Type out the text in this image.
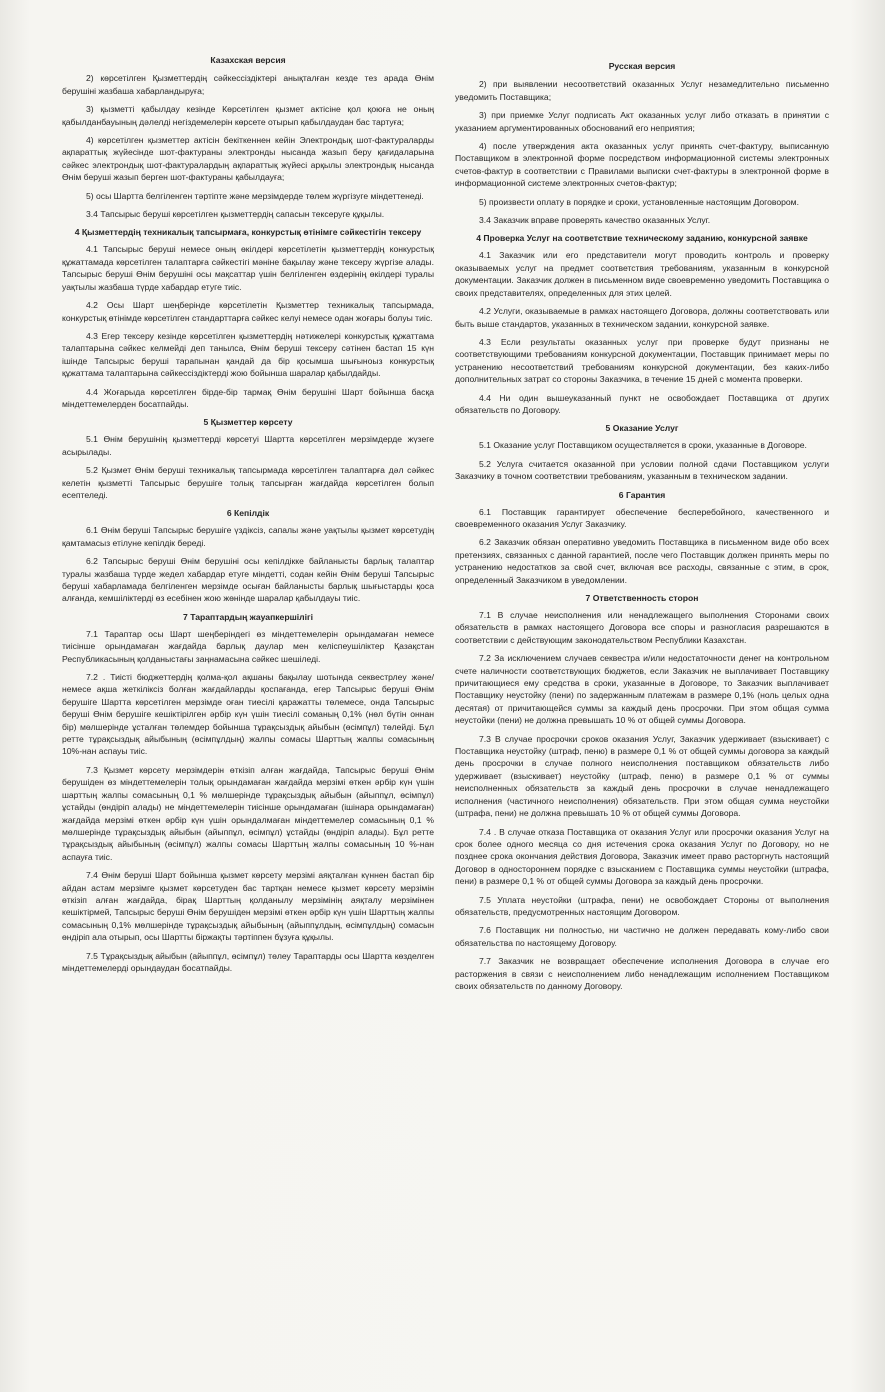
Казахская версия

2) көрсетілген Қызметтердің сәйкессіздіктері анықталған кезде тез арада Өнім берушіні жазбаша хабарландыруға;

3) қызметті қабылдау кезінде Көрсетілген қызмет актісіне қол қоюға не оның қабылданбауының дәлелді негіздемелерін көрсете отырып қабылдаудан бас тартуға;

4) көрсетілген қызметтер актісін бекіткеннен кейін Электрондық шот-фактураларды ақпараттық жүйесінде шот-фактураны электронды нысанда жазып беру қағидаларына сәйкес электрондық шот-фактуралардың ақпараттық жүйесі арқылы электрондық нысанда Өнім беруші жазып берген шот-фактураны қабылдауға;

5) осы Шартта белгіленген тәртіпте және мерзімдерде төлем жүргізуге міндеттенеді.

3.4 Тапсырыс беруші көрсетілген қызметтердің сапасын тексеруге құқылы.

4 Қызметтердің техникалық тапсырмаға, конкурстық өтінімге сәйкестігін тексеру

4.1 Тапсырыс беруші немесе оның өкілдері көрсетілетін қызметтердің конкурстық құжаттамада көрсетілген талаптарға сәйкестігі мәніне бақылау және тексеру жүргізе алады. Тапсырыс беруші Өнім берушіні осы мақсаттар үшін белгіленген өздерінің өкілдері туралы уақтылы жазбаша түрде хабардар етуге тиіс.

4.2 Осы Шарт шеңберінде көрсетілетін Қызметтер техникалық тапсырмада, конкурстық өтінімде көрсетілген стандарттарға сәйкес келуі немесе одан жоғары болуы тиіс.

4.3 Егер тексеру кезінде көрсетілген қызметтердің нәтижелері конкурстық құжаттама талаптарына сәйкес келмейді деп танылса, Өнім беруші тексеру сәтінен бастап 15 күн ішінде Тапсырыс беруші тарапынан қандай да бір қосымша шығыноыз конкурстық құжаттама талаптарына сәйкессіздіктерді жою бойынша шаралар қабылдайды.

4.4 Жоғарыда көрсетілген бірде-бір тармақ Өнім берушіні Шарт бойынша басқа міндеттемелерден босатпайды.

5 Қызметтер көрсету

5.1 Өнім берушінің қызметтерді көрсетуі Шартта көрсетілген мерзімдерде жүзеге асырылады.

5.2 Қызмет Өнім беруші техникалық тапсырмада көрсетілген талаптарға дәл сәйкес келетін қызметті Тапсырыс берушіге толық тапсырған жағдайда көрсетілген болып есептеледі.

6 Кепілдік

6.1 Өнім беруші Тапсырыс берушіге үздіксіз, сапалы және уақтылы қызмет көрсетудің қамтамасыз етілуне кепілдік береді.

6.2 Тапсырыс беруші Өнім берушіні осы кепілдікке байланысты барлық талаптар туралы жазбаша түрде жедел хабардар етуге міндетті, содан кейін Өнім беруші Тапсырыс беруші хабарламада белгіленген мерзімде осыған байланысты барлық шығыстарды қоса алғанда, кемшіліктерді өз есебінен жою жөнінде шаралар қабылдауы тиіс.

7 Тараптардың жауапкершілігі

7.1 Тараптар осы Шарт шеңберіндегі өз міндеттемелерін орындамаған немесе тиісінше орындамаған жағдайда барлық даулар мен келіспеушіліктер Қазақстан Республикасының қолданыстағы заңнамасына сәйкес шешіледі.

7.2 . Тиісті бюджеттердің қолма-қол ақшаны бақылау шотында секвестрлеу және/немесе ақша жеткіліксіз болған жағдайларды қоспағанда, егер Тапсырыс беруші Өнім берушіге Шартта көрсетілген мерзімде оған тиесілі қаражатты төлемесе, онда Тапсырыс беруші Өнім берушіге кешіктірілген әрбір күн үшін тиесілі соманың 0,1% (нөл бүтін оннан бір) мөлшерінде ұсталған төлемдер бойынша тұрақсыздық айыбын (өсімпұл) төлейді. Бұл ретте тұрақсыздық айыбының (өсімпұлдың) жалпы сомасы Шарттың жалпы сомасының 10%-нан аспауы тиіс.

7.3 Қызмет көрсету мерзімдерін өткізіп алған жағдайда, Тапсырыс беруші Өнім берушіден өз міндеттемелерін толық орындамаған жағдайда мерзімі өткен әрбір күн үшін шарттың жалпы сомасының 0,1 % мөлшерінде тұрақсыздық айыбын (айыппұл, өсімпұл) ұстайды (өндіріп алады) не міндеттемелерін тиісінше орындамаған (ішінара орындамаған) жағдайда мерзімі өткен әрбір күн үшін орындалмаған міндеттемелер сомасының 0,1 % мөлшерінде тұрақсыздық айыбын (айыппұл, өсімпұл) ұстайды (өндіріп алады). Бұл ретте тұрақсыздық айыбының (өсімпұл) жалпы сомасы Шарттың жалпы сомасының 10 %-нан аспауға тиіс.

7.4 Өнім беруші Шарт бойынша қызмет көрсету мерзімі аяқталған күннен бастап бір айдан астам мерзімге қызмет көрсетуден бас тартқан немесе қызмет көрсету мерзімін өткізіп алған жағдайда, бірақ Шарттың қолданылу мерзімінің аяқталу мерзімінен кешіктірмей, Тапсырыс беруші Өнім берушіден мерзімі өткен әрбір күн үшін Шарттың жалпы сомасының 0,1% мөлшерінде тұрақсыздық айыбының (айыппұлдың, өсімпұлдың) сомасын өндіріп ала отырып, осы Шартты біржақты тәртіппен бұзуға құқылы.

7.5 Тұрақсыздық айыбын (айыппұл, өсімпұл) төлеу Тараптарды осы Шартта көзделген міндеттемелерді орындаудан босатпайды.

Русская версия

2) при выявлении несоответствий оказанных Услуг незамедлительно письменно уведомить Поставщика;

3) при приемке Услуг подписать Акт оказанных услуг либо отказать в принятии с указанием аргументированных обоснований его неприятия;

4) после утверждения акта оказанных услуг принять счет-фактуру, выписанную Поставщиком в электронной форме посредством информационной системы электронных счетов-фактур в соответствии с Правилами выписки счет-фактуры в электронной форме в информационной системе электронных счетов-фактур;

5) произвести оплату в порядке и сроки, установленные настоящим Договором.

3.4 Заказчик вправе проверять качество оказанных Услуг.

4 Проверка Услуг на соответствие техническому заданию, конкурсной заявке

4.1 Заказчик или его представители могут проводить контроль и проверку оказываемых услуг на предмет соответствия требованиям, указанным в конкурсной документации. Заказчик должен в письменном виде своевременно уведомить Поставщика о своих представителях, определенных для этих целей.

4.2 Услуги, оказываемые в рамках настоящего Договора, должны соответствовать или быть выше стандартов, указанных в техническом задании, конкурсной заявке.

4.3 Если результаты оказанных услуг при проверке будут признаны не соответствующими требованиям конкурсной документации, Поставщик принимает меры по устранению несоответствий требованиям конкурсной документации, без каких-либо дополнительных затрат со стороны Заказчика, в течение 15 дней с момента проверки.

4.4 Ни один вышеуказанный пункт не освобождает Поставщика от других обязательств по Договору.

5 Оказание Услуг

5.1 Оказание услуг Поставщиком осуществляется в сроки, указанные в Договоре.

5.2 Услуга считается оказанной при условии полной сдачи Поставщиком услуги Заказчику в точном соответствии требованиям, указанным в техническом задании.

6 Гарантия

6.1 Поставщик гарантирует обеспечение бесперебойного, качественного и своевременного оказания Услуг Заказчику.

6.2 Заказчик обязан оперативно уведомить Поставщика в письменном виде обо всех претензиях, связанных с данной гарантией, после чего Поставщик должен принять меры по устранению недостатков за свой счет, включая все расходы, связанные с этим, в срок, определенный Заказчиком в уведомлении.

7 Ответственность сторон

7.1 В случае неисполнения или ненадлежащего выполнения Сторонами своих обязательств в рамках настоящего Договора все споры и разногласия разрешаются в соответствии с действующим законодательством Республики Казахстан.

7.2 За исключением случаев секвестра и/или недостаточности денег на контрольном счете наличности соответствующих бюджетов, если Заказчик не выплачивает Поставщику причитающиеся ему средства в сроки, указанные в Договоре, то Заказчик выплачивает Поставщику неустойку (пени) по задержанным платежам в размере 0,1% (ноль целых одна десятая) от причитающейся суммы за каждый день просрочки. При этом общая сумма неустойки (пени) не должна превышать 10 % от общей суммы Договора.

7.3 В случае просрочки сроков оказания Услуг, Заказчик удерживает (взыскивает) с Поставщика неустойку (штраф, пеню) в размере 0,1 % от общей суммы договора за каждый день просрочки в случае полного неисполнения поставщиком обязательств либо удерживает (взыскивает) неустойку (штраф, пеню) в размере 0,1 % от суммы неисполненных обязательств за каждый день просрочки в случае ненадлежащего исполнения (частичного неисполнения) обязательств. При этом общая сумма неустойки (штрафа, пени) не должна превышать 10 % от общей суммы Договора.

7.4 . В случае отказа Поставщика от оказания Услуг или просрочки оказания Услуг на срок более одного месяца со дня истечения срока оказания Услуг по Договору, но не позднее срока окончания действия Договора, Заказчик имеет право расторгнуть настоящий Договор в одностороннем порядке с взысканием с Поставщика суммы неустойки (штрафа, пени) в размере 0,1 % от общей суммы Договора за каждый день просрочки.

7.5 Уплата неустойки (штрафа, пени) не освобождает Стороны от выполнения обязательств, предусмотренных настоящим Договором.

7.6 Поставщик ни полностью, ни частично не должен передавать кому-либо свои обязательства по настоящему Договору.

7.7 Заказчик не возвращает обеспечение исполнения Договора в случае его расторжения в связи с неисполнением либо ненадлежащим исполнением Поставщиком своих обязательств по данному Договору.
